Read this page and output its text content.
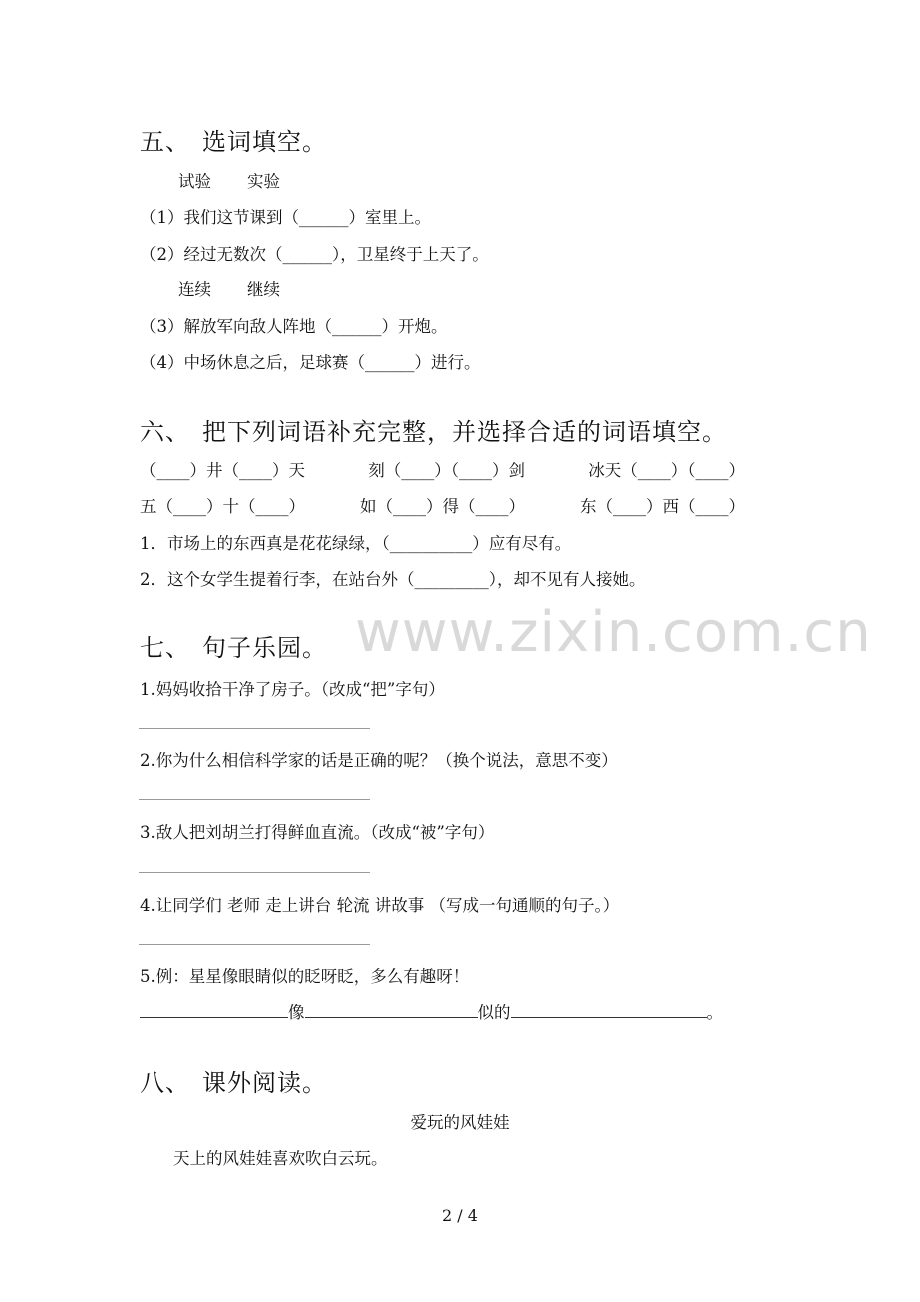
www.zixin.com.cn
五、 选词填空。
试验 实验
（1）我们这节课到（______）室里上。
（2）经过无数次（______），卫星终于上天了。
连续 继续
（3）解放军向敌人阵地（______）开炮。
（4）中场休息之后，足球赛（______）进行。
六、 把下列词语补充完整，并选择合适的词语填空。
（____）井（____）天	刻（____）（____）剑	冰天（____）（____）
五（____）十（____）	如（____）得（____）	东（____）西（____）
1．市场上的东西真是花花绿绿，（__________）应有尽有。
2．这个女学生提着行李，在站台外（_________），却不见有人接她。
七、 句子乐园。
1.妈妈收拾干净了房子。（改成“把”字句）
2.你为什么相信科学家的话是正确的呢？（换个说法，意思不变）
3.敌人把刘胡兰打得鲜血直流。（改成“被”字句）
4.让同学们 老师 走上讲台 轮流 讲故事 （写成一句通顺的句子。）
5.例：星星像眼睛似的眨呀眨，多么有趣呀！
像	似的	。
八、 课外阅读。
爱玩的风娃娃
天上的风娃娃喜欢吹白云玩。
2 / 4
